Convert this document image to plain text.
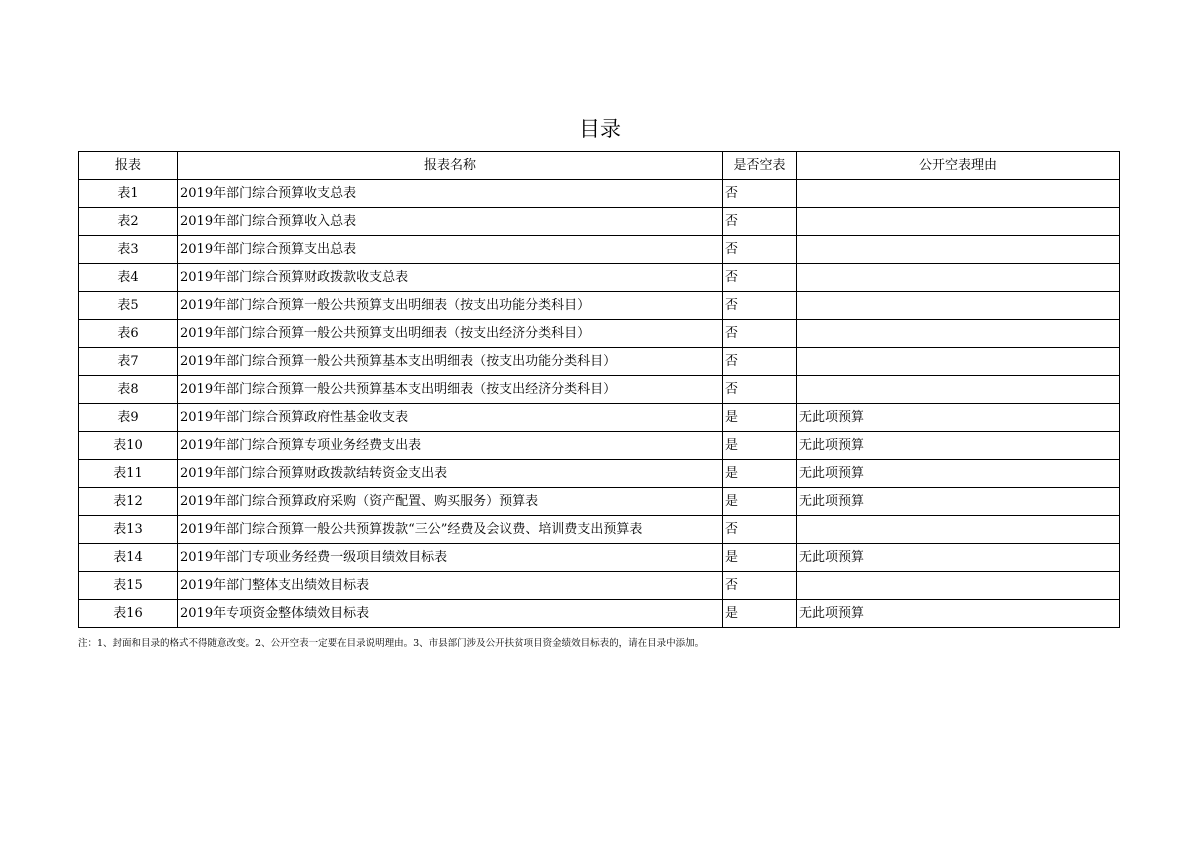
目录
报表	报表名称	是否空表	公开空表理由
表1	2019年部门综合预算收支总表	否	
表2	2019年部门综合预算收入总表	否	
表3	2019年部门综合预算支出总表	否	
表4	2019年部门综合预算财政拨款收支总表	否	
表5	2019年部门综合预算一般公共预算支出明细表（按支出功能分类科目）	否	
表6	2019年部门综合预算一般公共预算支出明细表（按支出经济分类科目）	否	
表7	2019年部门综合预算一般公共预算基本支出明细表（按支出功能分类科目）	否	
表8	2019年部门综合预算一般公共预算基本支出明细表（按支出经济分类科目）	否	
表9	2019年部门综合预算政府性基金收支表	是	无此项预算
表10	2019年部门综合预算专项业务经费支出表	是	无此项预算
表11	2019年部门综合预算财政拨款结转资金支出表	是	无此项预算
表12	2019年部门综合预算政府采购（资产配置、购买服务）预算表	是	无此项预算
表13	2019年部门综合预算一般公共预算拨款“三公”经费及会议费、培训费支出预算表	否	
表14	2019年部门专项业务经费一级项目绩效目标表	是	无此项预算
表15	2019年部门整体支出绩效目标表	否	
表16	2019年专项资金整体绩效目标表	是	无此项预算
注：1、封面和目录的格式不得随意改变。2、公开空表一定要在目录说明理由。3、市县部门涉及公开扶贫项目资金绩效目标表的，请在目录中添加。
